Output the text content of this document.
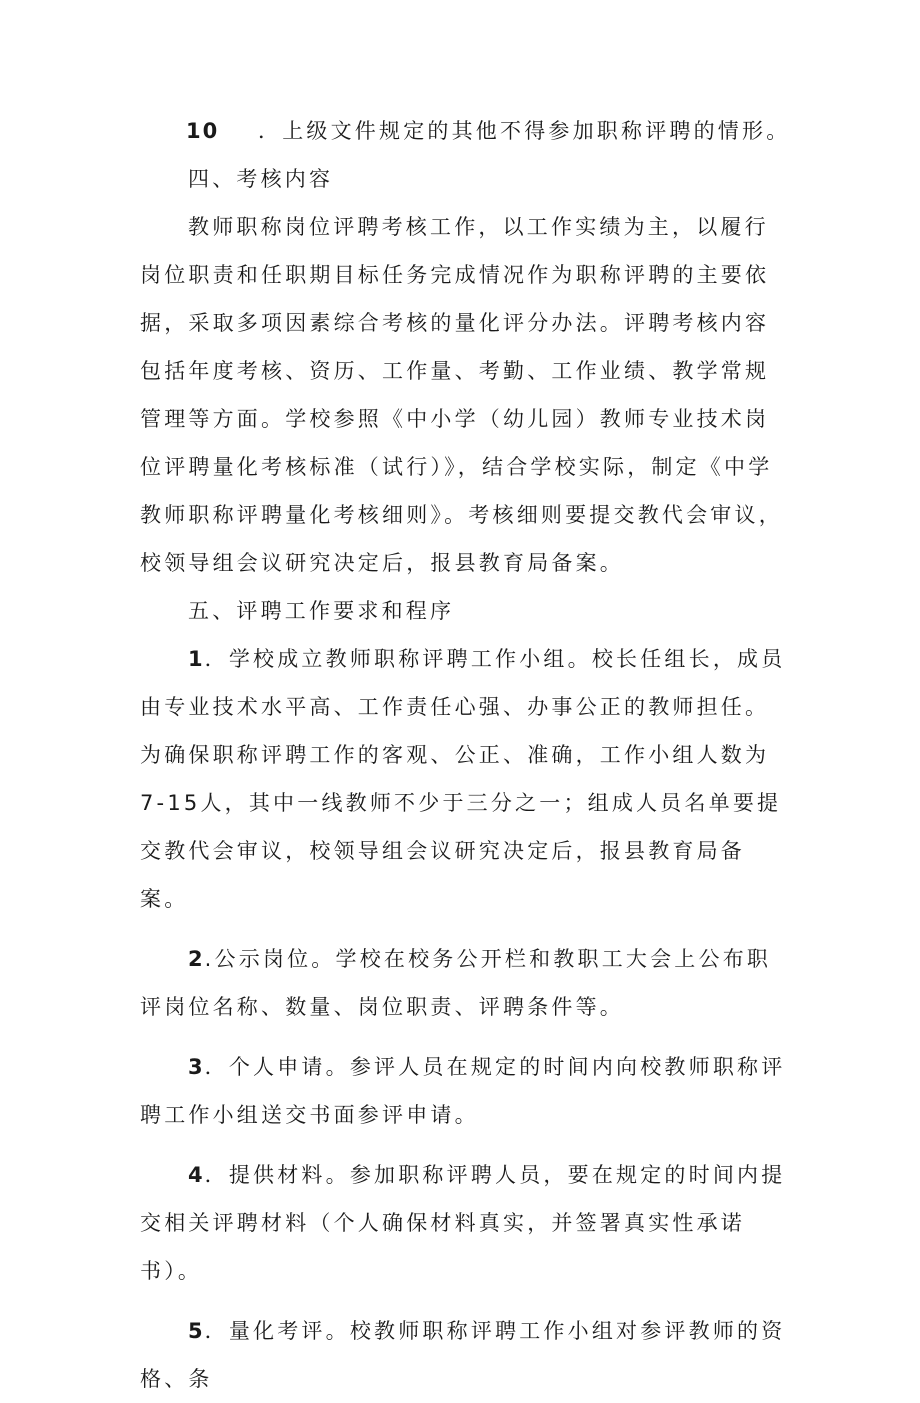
10 ．上级文件规定的其他不得参加职称评聘的情形。

四、考核内容

教师职称岗位评聘考核工作，以工作实绩为主，以履行岗位职责和任职期目标任务完成情况作为职称评聘的主要依据，采取多项因素综合考核的量化评分办法。评聘考核内容包括年度考核、资历、工作量、考勤、工作业绩、教学常规管理等方面。学校参照《中小学（幼儿园）教师专业技术岗位评聘量化考核标准（试行）》，结合学校实际，制定《中学教师职称评聘量化考核细则》。考核细则要提交教代会审议，校领导组会议研究决定后，报县教育局备案。

五、评聘工作要求和程序

1．学校成立教师职称评聘工作小组。校长任组长，成员由专业技术水平高、工作责任心强、办事公正的教师担任。为确保职称评聘工作的客观、公正、准确，工作小组人数为7-15人，其中一线教师不少于三分之一；组成人员名单要提交教代会审议，校领导组会议研究决定后，报县教育局备案。

2.公示岗位。学校在校务公开栏和教职工大会上公布职评岗位名称、数量、岗位职责、评聘条件等。

3．个人申请。参评人员在规定的时间内向校教师职称评聘工作小组送交书面参评申请。

4．提供材料。参加职称评聘人员，要在规定的时间内提交相关评聘材料（个人确保材料真实，并签署真实性承诺书）。

5．量化考评。校教师职称评聘工作小组对参评教师的资格、条
